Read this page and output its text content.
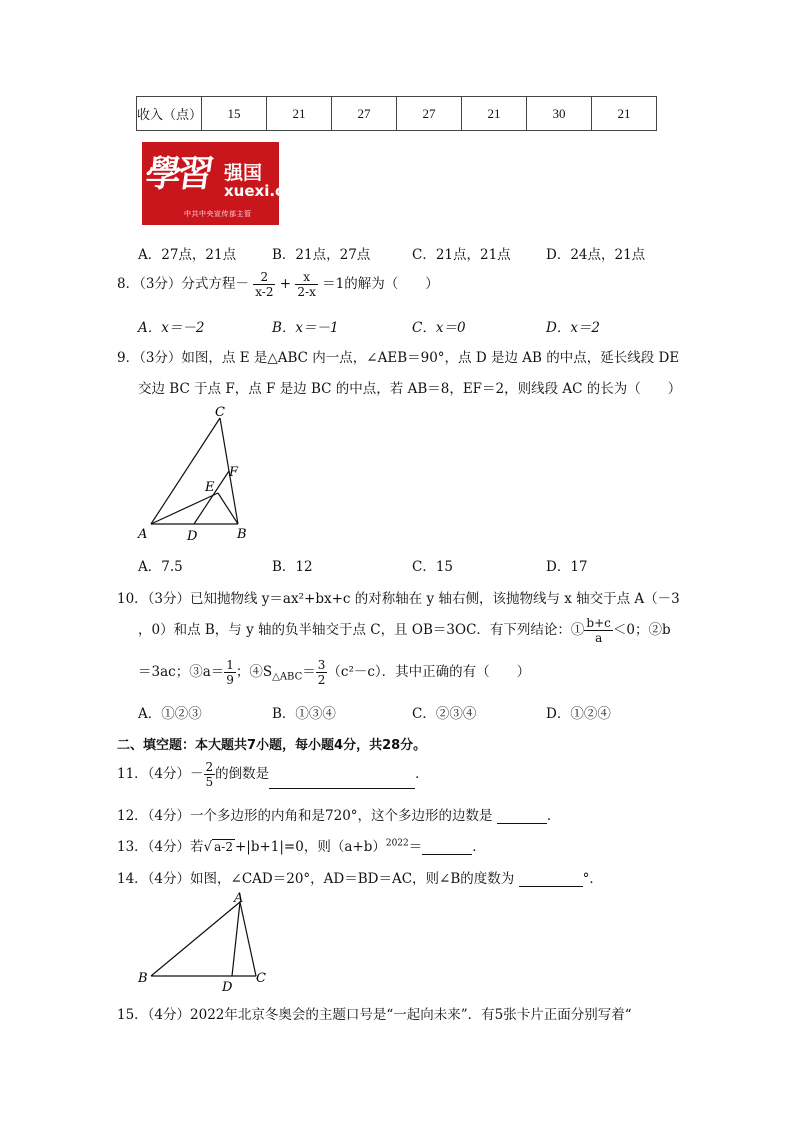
收入（点）	15	21	27	27	21	30	21
學習 强国
xuexi.cn
中共中央宣传部主管
A．27点，21点	B．21点，27点	C．21点，21点	D．24点，21点
8．（3分）分式方程－ $\frac{2}{x-2} + \frac{x}{2-x} =1$的解为（　　）
A．x＝－2	B．x＝－1	C．x＝0	D．x＝2
9．（3分）如图，点 E 是△ABC 内一点，∠AEB＝90°，点 D 是边 AB 的中点，延长线段 DE
交边 BC 于点 F，点 F 是边 BC 的中点，若 AB＝8，EF＝2，则线段 AC 的长为（　　）
C
F
E
A	D	B
A．7.5	B．12	C．15	D．17
10．（3分）已知抛物线 y＝ax²+bx+c 的对称轴在 y 轴右侧，该抛物线与 x 轴交于点 A（－3
，0）和点 B，与 y 轴的负半轴交于点 C，且 OB＝3OC．有下列结论：① $\frac{b+c}{a} <0$；②b
＝3ac；③a＝ $\frac{1}{9}$ ；$④S_{\triangle ABC}= \frac{3}{2} (c^2-c)$．其中正确的有（　　）
A．①②③	B．①③④	C．②③④	D．①②④
二、填空题：本大题共7小题，每小题4分，共28分。
11．（4分）－ $\frac{2}{5}$ 的倒数是	．
12．（4分）一个多边形的内角和是720°，这个多边形的边数是	．
13．（4分）若√ a-2 +|b+1|=0，则$(a+b)^{2022}=$	．
14．（4分）如图，∠CAD＝20°，AD＝BD＝AC，则∠B的度数为	°．
A
B
D
C
15．（4分）2022年北京冬奥会的主题口号是“一起向未来”．有5张卡片正面分别写着“
